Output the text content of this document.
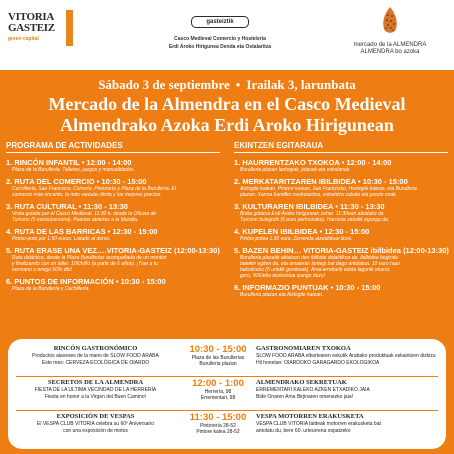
VITORIA
GASTEIZ
green capital
gasteiztik
Casco Medieval Comercio y Hostelería
Erdi Aroko Hirigunea Denda eta Ostalaritza	mercado de la ALMENDRA
ALMENDRA bo azoka
Sábado 3 de septiembre • Irailak 3, larunbata
Mercado de la Almendra en el Casco Medieval
Almendrako Azoka Erdi Aroko Hirigunean
PROGRAMA DE ACTIVIDADES	EKINTZEN EGITARAUA
1. RINCÓN INFANTIL • 12:00 - 14:00
Plaza de la Burullería. Talleres, juegos y manualidades.
2. RUTA DEL COMERCIO • 10:30 - 15:00
Cuchillería, San Francisco, Correría, Pintorería y Plaza de la Burullería. El
comercio más encanto, la más variada oferta y los mejores precios.
3. RUTA CULTURAL • 11:30 - 13:30
Visita guiada por el Casco Medieval. 11:30 h. desde la Oficina de
Turismo (5 euros/persona). Puertas abiertas a la Muralla.
4. RUTA DE LAS BARRICAS • 12:30 - 15:00
Pintxo-pote por 1,50 euros. Listado al dorso.
5. RUTA ERASE UNA VEZ….VITORIA-GASTEIZ (12:00-13:30)
Ruta didáctica, desde la Plaza Burullerías acompañada de un monitor
y finalizando con un taller. 10€/niño (a partir de 6 años). ¡Trae a tu
hermano o amigo 50% dto!
6. PUNTOS DE INFORMACIÓN • 10:30 - 15:00
Plaza de la Burullería y Cuchillería.
1. HAURRENTZAKO TXOKOA • 12:00 - 14:00
Burulleria plazan lantegiak, jolasak eta eskulanak.
2. MERKATARITZAREN IBILBIDEA • 10:30 - 15:00
Aiztogile kalean, Pintore kalean, San Frantzisko, Hedegile kalean, eta Burulleria
plazan. Xarma handiko merkataritza, eskaintza zabala eta prezio onak.
3. KULTURAREN IBILBIDEA • 11:30 - 13:30
Bisita gidatua Erdi Aroko hirigunean zehar. 11:30ean abiatuko da
Turismo bulegotik (5 euro pertsonako). Harresia zabalik egongo da.
4. KUPELEN IBILBIDEA • 12:30 - 15:00
Pintxo-potea 1,50 euro. Zerrenda atzealdean ikusi.
5. BAZEN BEHIN… VITORIA-GASTEIZ ibilbidea (12:00-13:30)
Burulleria plazatik abiatzen den ibilbide didaktikoa da. Ibilbidea begirale
batekin egiten da, eta amaieran lantegi bat dago antolatua. 10 euro haur
bakoitzeko (6 urtetik gorakoak). Anai-arrebarik edota lagunik ekarriz
gero, %50eko deskontua izango duzu!
6. INFORMAZIO PUNTUAK • 10:30 - 15:00
Burulleria plazan eta Aiztogile kalean.
RINCÓN GASTRONÓMICO
Productos alaveses de la mano de SLOW FOOD ARABA
Este mes: CERVEZA ECOLÓGICA DE OIARDO
10:30 - 15:00
Plaza de las Burullerías
Burulleria plazan
GASTRONOMIAREN TXOKOA
SLOW FOOD ARABA elkartearen eskutik Arabako produktuak eskaintzen dizkizu
Hil honetan: OIARDOKO GARAGARDO EKOLOGIKOA
SECRETOS DE LA ALMENDRA
FIESTA DE LA ULTIMA VECINDAD DE LA HERRERÍA
Fiesta en honor a la Virgen del Buen Camino!
12:00 - 1:00
Herrería, 98
Errementari, 98
ALMENDRAKO SEKRETUAK
ERREMENTARI KALEKO AZKEN ETXADIKO JAIA
Bide Onaren Ama Birjinaren omenezko jaia!
EXPOSICIÓN DE VESPAS
El VESPA CLUB VITORIA celebra su 60º Aniversario
con una exposición de motos
11:30 - 15:00
Pintorería 28-52
Pintore kalea 28-52
VESPA MOTORREN ERAKUSKETA
VESPA CLUB VITORIA taldeak motorren erakusketa bat
antolatu du, bere 60. urteurrena ospatzeko
